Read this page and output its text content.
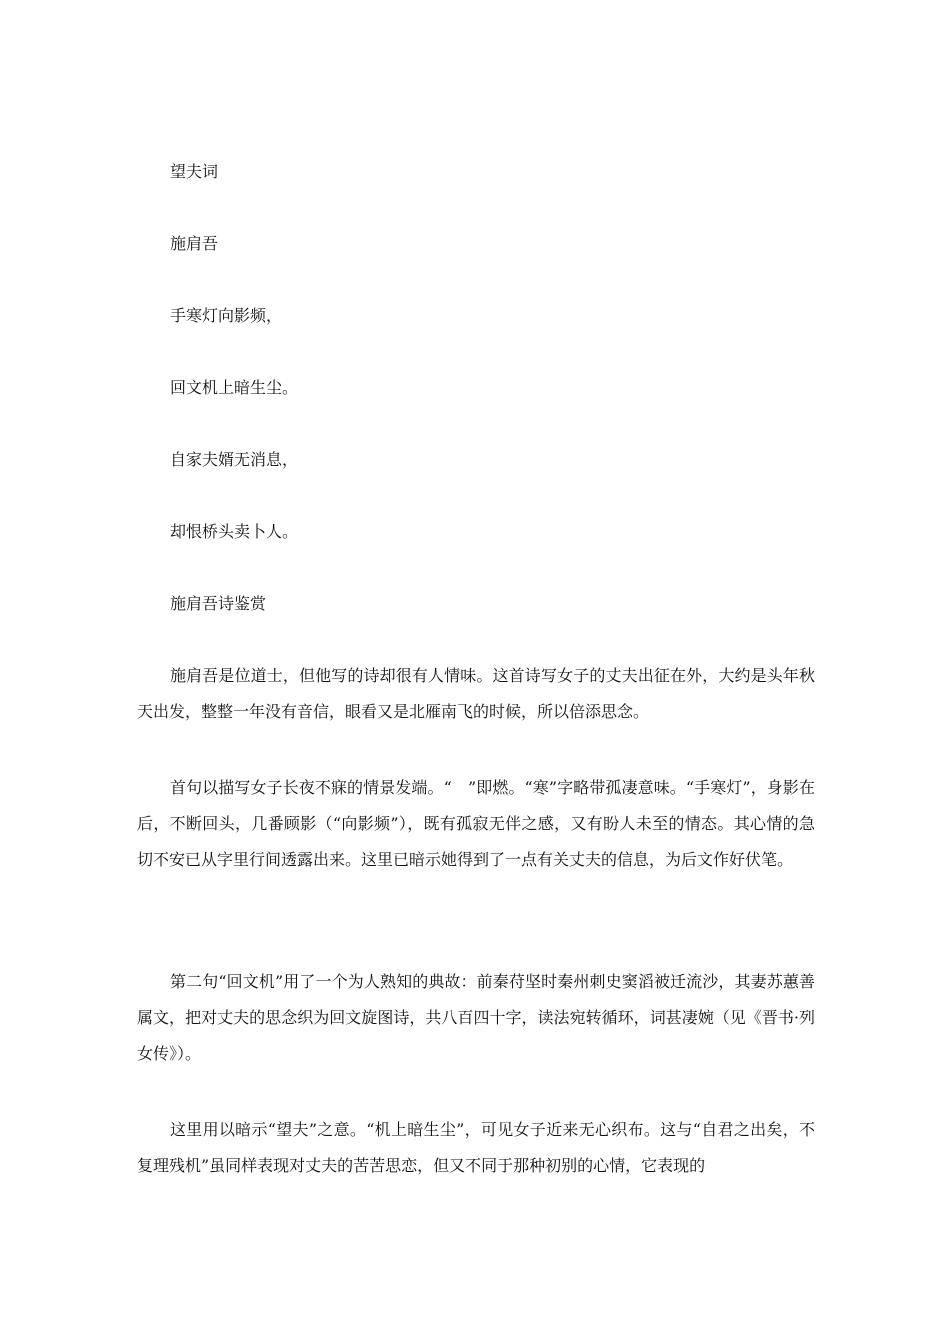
望夫词
施肩吾
手寒灯向影频，
回文机上暗生尘。
自家夫婿无消息，
却恨桥头卖卜人。
施肩吾诗鉴赏

施肩吾是位道士，但他写的诗却很有人情味。这首诗写女子的丈夫出征在外，大约是头年秋天出发，整整一年没有音信，眼看又是北雁南飞的时候，所以倍添思念。

首句以描写女子长夜不寐的情景发端。“　”即燃。“寒”字略带孤凄意味。“手寒灯”，身影在后，不断回头，几番顾影（“向影频”），既有孤寂无伴之感，又有盼人未至的情态。其心情的急切不安已从字里行间透露出来。这里已暗示她得到了一点有关丈夫的信息，为后文作好伏笔。

第二句“回文机”用了一个为人熟知的典故：前秦苻坚时秦州刺史窦滔被迁流沙，其妻苏蕙善属文，把对丈夫的思念织为回文旋图诗，共八百四十字，读法宛转循环，词甚凄婉（见《晋书·列女传》）。

这里用以暗示“望夫”之意。“机上暗生尘”，可见女子近来无心织布。这与“自君之出矣，不复理残机”虽同样表现对丈夫的苦苦思恋，但又不同于那种初别的心情，它表现的
